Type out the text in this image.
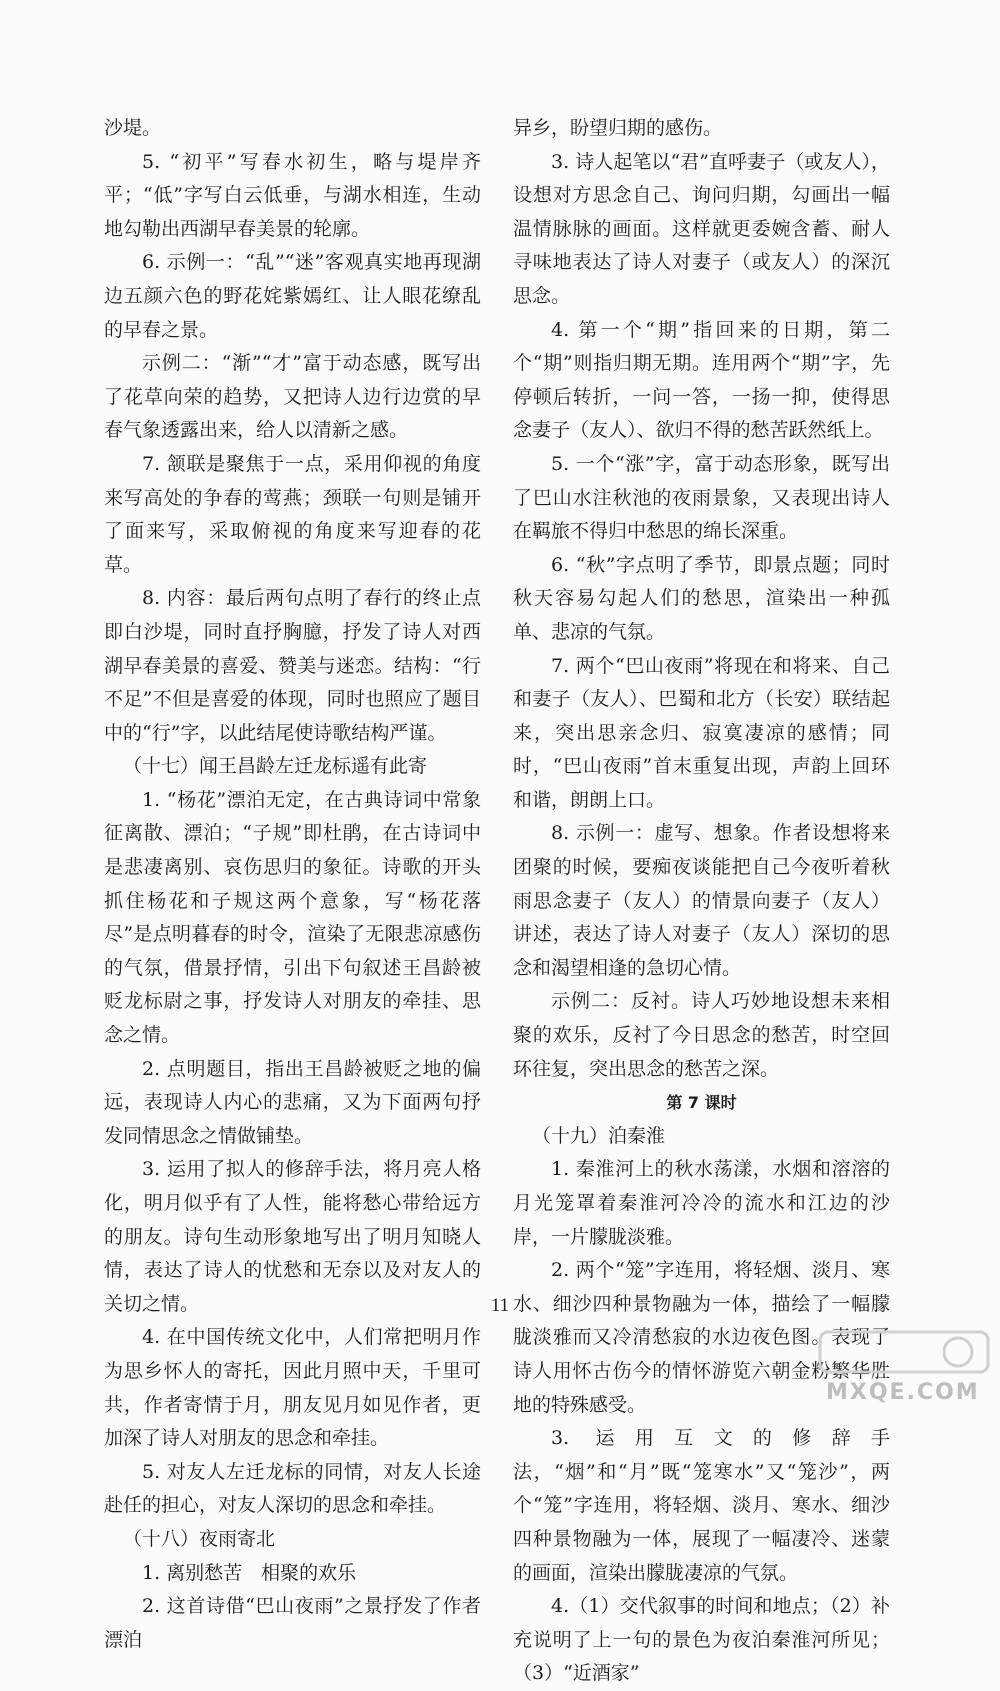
沙堤。

5. “初平”写春水初生，略与堤岸齐平；“低”字写白云低垂，与湖水相连，生动地勾勒出西湖早春美景的轮廓。

6. 示例一：“乱”“迷”客观真实地再现湖边五颜六色的野花姹紫嫣红、让人眼花缭乱的早春之景。

示例二：“渐”“才”富于动态感，既写出了花草向荣的趋势，又把诗人边行边赏的早春气象透露出来，给人以清新之感。

7. 颔联是聚焦于一点，采用仰视的角度来写高处的争春的莺燕；颈联一句则是铺开了面来写，采取俯视的角度来写迎春的花草。

8. 内容：最后两句点明了春行的终止点即白沙堤，同时直抒胸臆，抒发了诗人对西湖早春美景的喜爱、赞美与迷恋。结构：“行不足”不但是喜爱的体现，同时也照应了题目中的“行”字，以此结尾使诗歌结构严谨。

（十七）闻王昌龄左迁龙标遥有此寄

1. “杨花”漂泊无定，在古典诗词中常象征离散、漂泊；“子规”即杜鹃，在古诗词中是悲凄离别、哀伤思归的象征。诗歌的开头抓住杨花和子规这两个意象，写“杨花落尽”是点明暮春的时令，渲染了无限悲凉感伤的气氛，借景抒情，引出下句叙述王昌龄被贬龙标尉之事，抒发诗人对朋友的牵挂、思念之情。

2. 点明题目，指出王昌龄被贬之地的偏远，表现诗人内心的悲痛，又为下面两句抒发同情思念之情做铺垫。

3. 运用了拟人的修辞手法，将月亮人格化，明月似乎有了人性，能将愁心带给远方的朋友。诗句生动形象地写出了明月知晓人情，表达了诗人的忧愁和无奈以及对友人的关切之情。

4. 在中国传统文化中，人们常把明月作为思乡怀人的寄托，因此月照中天，千里可共，作者寄情于月，朋友见月如见作者，更加深了诗人对朋友的思念和牵挂。

5. 对友人左迁龙标的同情，对友人长途赴任的担心，对友人深切的思念和牵挂。

（十八）夜雨寄北

1. 离别愁苦　相聚的欢乐

2. 这首诗借“巴山夜雨”之景抒发了作者漂泊

异乡，盼望归期的感伤。

3. 诗人起笔以“君”直呼妻子（或友人），设想对方思念自己、询问归期，勾画出一幅温情脉脉的画面。这样就更委婉含蓄、耐人寻味地表达了诗人对妻子（或友人）的深沉思念。

4. 第一个“期”指回来的日期，第二个“期”则指归期无期。连用两个“期”字，先停顿后转折，一问一答，一扬一抑，使得思念妻子（友人）、欲归不得的愁苦跃然纸上。

5. 一个“涨”字，富于动态形象，既写出了巴山水注秋池的夜雨景象，又表现出诗人在羁旅不得归中愁思的绵长深重。

6. “秋”字点明了季节，即景点题；同时秋天容易勾起人们的愁思，渲染出一种孤单、悲凉的气氛。

7. 两个“巴山夜雨”将现在和将来、自己和妻子（友人）、巴蜀和北方（长安）联结起来，突出思亲念归、寂寞凄凉的感情；同时，“巴山夜雨”首末重复出现，声韵上回环和谐，朗朗上口。

8. 示例一：虚写、想象。作者设想将来团聚的时候，要痴夜谈能把自己今夜听着秋雨思念妻子（友人）的情景向妻子（友人）讲述，表达了诗人对妻子（友人）深切的思念和渴望相逢的急切心情。

示例二：反衬。诗人巧妙地设想未来相聚的欢乐，反衬了今日思念的愁苦，时空回环往复，突出思念的愁苦之深。

第 7 课时

（十九）泊秦淮

1. 秦淮河上的秋水荡漾，水烟和溶溶的月光笼罩着秦淮河冷冷的流水和江边的沙岸，一片朦胧淡雅。

2. 两个“笼”字连用，将轻烟、淡月、寒水、细沙四种景物融为一体，描绘了一幅朦胧淡雅而又冷清愁寂的水边夜色图。表现了诗人用怀古伤今的情怀游览六朝金粉繁华胜地的特殊感受。

3. 运用互文的修辞手法，“烟”和“月”既“笼寒水”又“笼沙”，两个“笼”字连用，将轻烟、淡月、寒水、细沙四种景物融为一体，展现了一幅凄冷、迷蒙的画面，渲染出朦胧凄凉的气氛。

4.（1）交代叙事的时间和地点；（2）补充说明了上一句的景色为夜泊秦淮河所见；（3）“近酒家”

11
MXQE.COM
